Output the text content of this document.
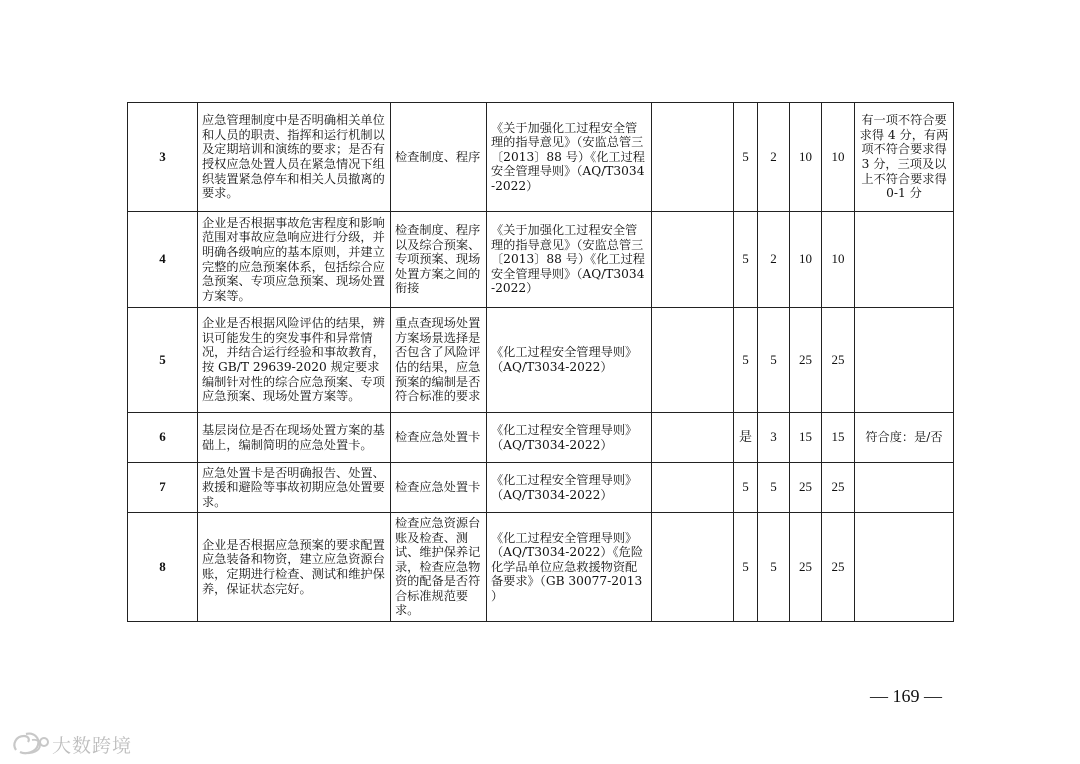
3	应急管理制度中是否明确相关单位和人员的职责、指挥和运行机制以及定期培训和演练的要求；是否有授权应急处置人员在紧急情况下组织装置紧急停车和相关人员撤离的要求。	检查制度、程序	《关于加强化工过程安全管理的指导意见》（安监总管三〔2013〕88 号）《化工过程安全管理导则》（AQ/T3034-2022）		5	2	10	10	有一项不符合要求得 4 分，有两项不符合要求得 3 分，三项及以上不符合要求得 0-1 分
4	企业是否根据事故危害程度和影响范围对事故应急响应进行分级，并明确各级响应的基本原则，并建立完整的应急预案体系，包括综合应急预案、专项应急预案、现场处置方案等。	检查制度、程序以及综合预案、专项预案、现场处置方案之间的衔接	《关于加强化工过程安全管理的指导意见》（安监总管三〔2013〕88 号）《化工过程安全管理导则》（AQ/T3034-2022）		5	2	10	10	
5	企业是否根据风险评估的结果，辨识可能发生的突发事件和异常情况，并结合运行经验和事故教育，按 GB/T 29639-2020 规定要求编制针对性的综合应急预案、专项应急预案、现场处置方案等。	重点查现场处置方案场景选择是否包含了风险评估的结果，应急预案的编制是否符合标准的要求	《化工过程安全管理导则》（AQ/T3034-2022）		5	5	25	25	
6	基层岗位是否在现场处置方案的基础上，编制简明的应急处置卡。	检查应急处置卡	《化工过程安全管理导则》（AQ/T3034-2022）		是	3	15	15	符合度：是/否
7	应急处置卡是否明确报告、处置、救援和避险等事故初期应急处置要求。	检查应急处置卡	《化工过程安全管理导则》（AQ/T3034-2022）		5	5	25	25	
8	企业是否根据应急预案的要求配置应急装备和物资，建立应急资源台账，定期进行检查、测试和维护保养，保证状态完好。	检查应急资源台账及检查、测试、维护保养记录，检查应急物资的配备是否符合标准规范要求。	《化工过程安全管理导则》（AQ/T3034-2022）《危险化学品单位应急救援物资配备要求》（GB 30077-2013 ）		5	5	25	25	
— 169 —
大数跨境
